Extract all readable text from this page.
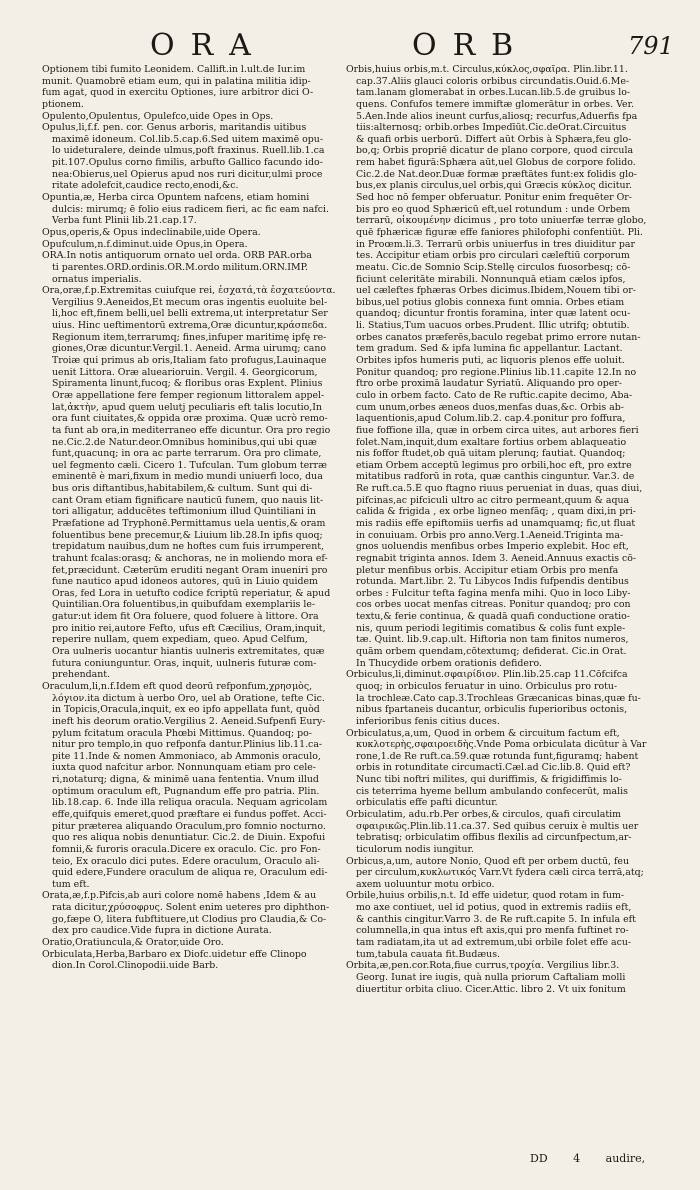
ORA	ORB	791
Optionem tibi fumito Leonidem. Callift.in l.ult.de Iur.im
munit. Quamobrē etiam eum, qui in palatina militia idip-
fum agat, quod in exercitu Optiones, iure arbitror dici O-
ptionem.
Opulento,Opulentus, Opulefco,uide Opes in Ops.
Opulus,li,f.f. pen. cor. Genus arboris, maritandis uitibus
maximē idoneum. Col.lib.5.cap.6.Sed uitem maximē opu-
lo uideturalere, deinde ulmus,poft fraxinus. Ruell.lib.1.ca
pit.107.Opulus corno fimilis, arbufto Gallico facundo ido-
nea:Obierus,uel Opierus apud nos ruri dicitur,ulmi proce
ritate adolefcit,caudice recto,enodi,&c.
Opuntia,æ, Herba circa Opuntem nafcens, etiam homini
dulcis: mirumq; ē folio eius radicem fieri, ac fic eam nafci.
Verba funt Plinii lib.21.cap.17.
Opus,operis,& Opus indeclinabile,uide Opera.
Opufculum,n.f.diminut.uide Opus,in Opera.
ORA.In notis antiquorum ornato uel orda. ORB PAR.orba
ti parentes.ORD.ordinis.OR.M.ordo militum.ORN.IMP.
ornatus imperialis.
Ora,oræ,f.p.Extremitas cuiufque rei, ἐσχατά,τὰ ἐσχατεύοντα.
Vergilius 9.Aeneidos,Et mecum oras ingentis euoluite bel-
li,hoc eft,finem belli,uel belli extrema,ut interpretatur Ser
uius. Hinc ueftimentorū extrema,Oræ dicuntur,κράσπεδα.
Regionum item,terrarumq; fines,infuper maritimę ipfę re-
giones,Oræ dicuntur.Vergil.1. Aeneid. Arma uirumq; cano
Troiæ qui primus ab oris,Italiam fato profugus,Lauinaque
uenit Littora. Oræ aluearioruin. Vergil. 4. Georgicorum,
Spiramenta linunt,fucoq; & floribus oras Explent. Plinius
Oræ appellatione fere femper regionum littoralem appel-
lat,ἀκτὴν, apud quem uelutj peculiaris eft talis locutio,In
ora funt ciuitates,& oppida oræ proxima. Quæ ucrò remo-
ta funt ab ora,in mediterraneo effe dicuntur. Ora pro regio
ne.Cic.2.de Natur.deor.Omnibus hominibus,qui ubi quæ
funt,quacunq; in ora ac parte terrarum. Ora pro climate,
uel fegmento cæli. Cicero 1. Tufculan. Tum globum terræ
eminentē è mari,fixum in medio mundi uniuerfi loco, dua
bus oris diftantibus,habitabilem,& cultum. Sunt qui di-
cant Oram etiam fignificare nauticū funem, quo nauis lit-
tori alligatur, adducētes teftimonium illud Quintiliani in
Præfatione ad Tryphonē.Permittamus uela uentis,& oram
foluentibus bene precemur,& Liuium lib.28.In ipfis quoq;
trepidatum nauibus,dum ne hoftes cum fuis irrumperent,
trahunt fcalas:orasq; & anchoras, ne in moliendo mora ef-
fet,præcidunt. Cæterūm eruditi negant Oram inueniri pro
fune nautico apud idoneos autores, quū in Liuio quidem
Oras, fed Lora in uetufto codice fcriptū reperiatur, & apud
Quintilian.Ora foluentibus,in quibufdam exemplariis le-
gatur:ut idem fit Ora foluere, quod foluere à littore. Ora
pro initio rei,autore Fefto, ufus eft Cæcilius, Oram,inquit,
reperire nullam, quem expediam, queo. Apud Celfum,
Ora uulneris uocantur hiantis uulneris extremitates, quæ
futura coniunguntur. Oras, inquit, uulneris futuræ com-
prehendant.
Oraculum,li,n.f.Idem eft quod deorū refponfum,χρησμὸς,
λόγιον.ita dictum à uerbo Oro, uel ab Oratione, tefte Cic.
in Topicis,Oracula,inquit, ex eo ipfo appellata funt, quòd
ineft his deorum oratio.Vergilius 2. Aeneid.Sufpenfi Eury-
pylum fcitatum oracula Phœbi Mittimus. Quandoq; po-
nitur pro templo,in quo refponfa dantur.Plinius lib.11.ca-
pite 11.Inde & nomen Ammoniaco, ab Ammonis oraculo,
iuxta quod nafcitur arbor. Nonnunquam etiam pro cele-
ri,notaturq; digna, & minimē uana fententia. Vnum illud
optimum oraculum eft, Pugnandum effe pro patria. Plin.
lib.18.cap. 6. Inde illa reliqua oracula. Nequam agricolam
effe,quifquis emeret,quod præftare ei fundus poffet. Acci-
pitur præterea aliquando Oraculum,pro fomnio nocturno.
quo res aliqua nobis denuntiatur. Cic.2. de Diuin. Expofui
fomnii,& furoris oracula.Dicere ex oraculo. Cic. pro Fon-
teio, Ex oraculo dici putes. Edere oraculum, Oraculo ali-
quid edere,Fundere oraculum de aliqua re, Oraculum edi-
tum eft.
Orata,æ,f.p.Pifcis,ab auri colore nomē habens ,Idem & au
rata dicitur,χρύσοφρυς. Solent enim ueteres pro diphthon-
go,fæpe O, litera fubftituere,ut Clodius pro Claudia,& Co-
dex pro caudice.Vide fupra in dictione Aurata.
Oratio,Oratiuncula,& Orator,uide Oro.
Orbiculata,Herba,Barbaro ex Diofc.uidetur effe Clinopo
dion.In Corol.Clinopodii.uide Barb.
Orbis,huius orbis,m.t. Circulus,κύκλος,σφαῖρα. Plin.libr.11.
cap.37.Aliis glauci coloris orbibus circundatis.Ouid.6.Me-
tam.lanam glomerabat in orbes.Lucan.lib.5.de gruibus lo-
quens. Confufos temere immiftæ glomerātur in orbes. Ver.
5.Aen.Inde alios ineunt curfus,aliosq; recurfus,Aduerfis fpa
tiis:alternosq; orbib.orbes Impedīūt.Cic.deOrat.Circuitus
& quafi orbis uerborū. Differt aūt Orbis à Sphæra,feu glo-
bo,q; Orbis propriē dicatur de plano corpore, quod circula
rem habet figurā:Sphæra aūt,uel Globus de corpore folido.
Cic.2.de Nat.deor.Duæ formæ præftātes funt:ex folidis glo-
bus,ex planis circulus,uel orbis,qui Græcis κύκλος dicitur.
Sed hoc nō femper obferuatur. Ponitur enim frequēter Or-
bis pro eo quod Sphæricū eft,uel rotundum : unde Orbem
terrarū, οἰκουμένην dicimus , pro toto uniuerfæ terræ globo,
quē fphæricæ figuræ effe faniores philofophi confentiūt. Pli.
in Proœm.li.3. Terrarū orbis uniuerfus in tres diuiditur par
tes. Accipitur etiam orbis pro circulari cæleftiū corporum
meatu. Cic.de Somnio Scip.Stellę circulos fuosorbesq; cō-
ficiunt celeritāte mirabili. Nonnunquā etiam cælos ipfos,
uel cæleftes fphæras Orbes dicimus.Ibidem,Nouem tibi or-
bibus,uel potius globis connexa funt omnia. Orbes etiam
quandoq; dicuntur frontis foramina, inter quæ latent ocu-
li. Statius,Tum uacuos orbes.Prudent. Illic utrifq; obtutib.
orbes canatos præferēs,baculo regebat primo errore nutan-
tem gradum. Sed & ipfa lumina fic appellantur. Lactant.
Orbites ipfos humeris puti, ac liquoris plenos effe uoluit.
Ponitur quandoq; pro regione.Plinius lib.11.capite 12.In no
ftro orbe proximā laudatur Syriatū. Aliquando pro oper-
culo in orbem facto. Cato de Re ruftic.capite decimo, Aba-
cum unum,orbes æneos duos,menfas duas,&c. Orbis ab-
laquentionis,apud Colum.lib.2. cap.4.ponitur pro foffura,
fiue foffione illa, quæ in orbem circa uites, aut arbores fieri
folet.Nam,inquit,dum exaltare fortius orbem ablaqueatio
nis foffor ftudet,ob quā uitam plerunq; fautiat. Quandoq;
etiam Orbem acceptū legimus pro orbili,hoc eft, pro extre
mitatibus radforū in rota, quæ canthis cinguntur. Var.3. de
Re ruft.ca.5.Ē quo ftagno riuus perueniat in duas, quas diui,
pifcinas,ac pifciculi ultro ac citro permeant,quum & aqua
calida & frigida , ex orbe ligneo menfāq; , quam dixi,in pri-
mis radiis effe epiftomiis uerfis ad unamquamq; fic,ut fluat
in conuiuam. Orbis pro anno.Verg.1.Aeneid.Triginta ma-
gnos uoluendis menfibus orbes Imperio explebit. Hoc eft,
regnabit triginta annos. Idem 3. Aeneid.Annuus exactis cō-
pletur menfibus orbis. Accipitur etiam Orbis pro menfa
rotunda. Mart.libr. 2. Tu Libycos Indis fufpendis dentibus
orbes : Fulcitur tefta fagina menfa mihi. Quo in loco Liby-
cos orbes uocat menfas citreas. Ponitur quandoq; pro con
textu,& ferie continua, & quadā quafi conductione oratio-
nis, quum periodi legitimis comatibus & colis funt exple-
tæ. Quint. lib.9.cap.ult. Hiftoria non tam finitos numeros,
quām orbem quendam,cōtextumq; defiderat. Cic.in Orat.
In Thucydide orbem orationis defidero.
Orbiculus,li,diminut.σφαιρίδιον. Plin.lib.25.cap 11.Cōfcifca
quoq; in orbiculos feruatur in uino. Orbiculus pro rotu-
la trochleæ.Cato cap.3.Trochleas Græcanicas binas,quæ fu-
nibus fpartaneis ducantur, orbiculis fuperioribus octonis,
inferioribus fenis citius duces.
Orbiculatus,a,um, Quod in orbem & circuitum factum eft,
κυκλοτερὴς,σφαιροειδὴς.Vnde Poma orbiculata dicūtur à Var
rone,1.de Re ruft.ca.59.quæ rotunda funt,figuramq; habent
orbis in rotunditate circumactī.Cæl.ad Cic.lib.8. Quid eft?
Nunc tibi noftri milites, qui duriffimis, & frigidiffimis lo-
cis teterrima hyeme bellum ambulando confecerūt, malis
orbiculatis effe pafti dicuntur.
Orbiculatim, adu.rb.Per orbes,& circulos, quafi circulatim
σφαιρικῶς.Plin.lib.11.ca.37. Sed quibus ceruix è multis uer
tebratisq; orbiculatim offibus flexilis ad circunfpectum,ar-
ticulorum nodis iungitur.
Orbicus,a,um, autore Nonio, Quod eft per orbem ductū, feu
per circulum,κυκλωτικός Varr.Vt fydera cæli circa terrā,atq;
axem uoluuntur motu orbico.
Orbile,huius orbilis,n.t. Id effe uidetur, quod rotam in fum-
mo axe contiuet, uel id potius, quod in extremis radiis eft,
& canthis cingitur.Varro 3. de Re ruft.capite 5. In infula eft
columnella,in qua intus eft axis,qui pro menfa fuftinet ro-
tam radiatam,ita ut ad extremum,ubi orbile folet effe acu-
tum,tabula cauata fit.Budæus.
Orbita,æ,pen.cor.Rota,fiue currus,τροχία. Vergilius libr.3.
Georg. Iunat ire iugis, quà nulla priorum Caftaliam molli
diuertitur orbita cliuo. Cicer.Attic. libro 2. Vt uix fonitum
DD 4 audire,
